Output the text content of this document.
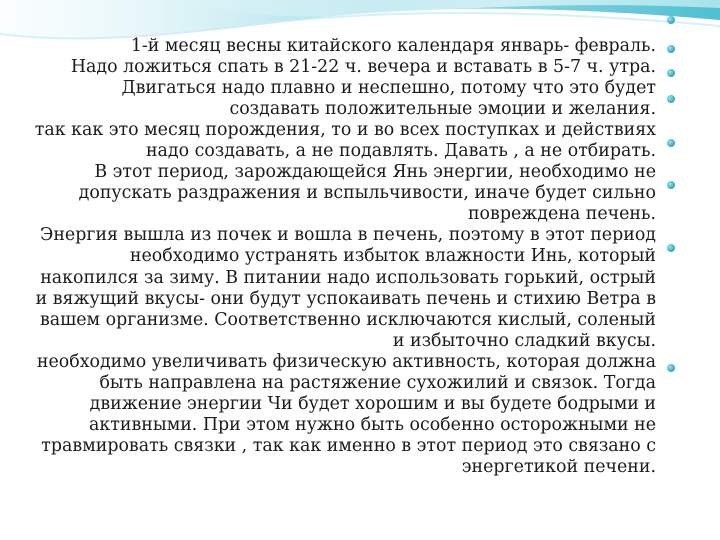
1-й месяц весны китайского календаря январь- февраль.

Надо ложиться спать в 21-22 ч. вечера и вставать в 5-7 ч. утра.

Двигаться надо плавно и неспешно, потому что это будет создавать положительные эмоции и желания.

так как это месяц порождения, то и во всех поступках и действиях надо создавать, а не подавлять. Давать , а не отбирать.

В этот период, зарождающейся Янь энергии, необходимо не допускать раздражения и вспыльчивости, иначе будет сильно повреждена печень.

Энергия вышла из почек и вошла в печень, поэтому в этот период необходимо устранять избыток влажности Инь, который накопился за зиму. В питании надо использовать горький, острый и вяжущий вкусы- они будут успокаивать печень и стихию Ветра в вашем организме. Соответственно исключаются кислый, соленый и избыточно сладкий вкусы.

необходимо увеличивать физическую активность, которая должна быть направлена на растяжение сухожилий и связок. Тогда движение энергии Чи будет хорошим и вы будете бодрыми и активными. При этом нужно быть особенно осторожными не травмировать связки , так как именно в этот период это связано с энергетикой печени.
